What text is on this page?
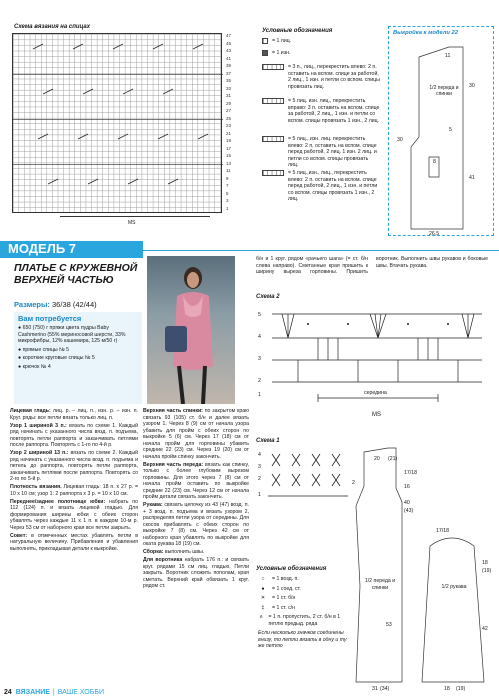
Схема вязания на спицах
47
45
43
41
39
37
35
33
31
29
27
25
23
21
19
17
15
13
11
9
7
5
3
1
MS
Условные обозначения
= 1 лиц.
= 1 изн.
= 3 п., лиц., перекрестить влево: 2 п. оставить на вспом. спице за работой, 2 лиц., 1 изн. и петли со вспом. спицы провязать лиц.
= 5 лиц. изн. лиц., перекрестить вправо: 3 п. оставить на вспом. спице за работой, 2 лиц., 1 изн. и петли со вспом. спицы провязать 1 изн., 2 лиц.
= 5 лиц., изн. лиц. перекрестить влево: 2 п. оставить на вспом. спице перед работой, 2 лиц. 1 изн. 2 лиц. и петли со вспом. спицы провязать лиц.
= 5 лиц.,изн., лиц., перекрестить влево: 2 п. оставить на вспом. спице перед работой, 2 лиц., 1 изн. и петли со вспом. спицы провязать 1 изн., 2 лиц.
Выкройка к модели 22
1/2 переда и спинки
30
8
5
41
30
26,5
11
МОДЕЛЬ 7
ПЛАТЬЕ С КРУЖЕВНОЙ ВЕРХНЕЙ ЧАСТЬЮ
Размеры: 36/38 (42/44)
Вам потребуется
● 650 (750) г пряжи цвета пудры Baby Cashmerino (55% мериносовой шерсти, 33% микрофибры, 12% кашемира, 125 м/50 г)
● прямые спицы № 5
● короткие круговые спицы № 5
● крючок № 4

Лицевая гладь: лиц. р. – лиц. п., изн. р. – изн. п. Круг. ряды: все петли вязать только лиц. п.

Узор 1 шириной 3 п.: вязать по схеме 1. Каждый ряд начинать с указанного числа вязд. п. подъема, повторять петли раппорта и заканчивать петлями после раппорта. Повторять с 1-го по 4-й р.

Узор 2 шириной 13 п.: вязать по схеме 2. Каждый ряд начинать с указанного числа возд. п. подъема и петель до раппорта, повторять петли раппорта, заканчивать петлями после раппорта. Повторять со 2-го по 5-й р.

Плотность вязания. Лицевая гладь: 18 п. x 27 р. = 10 x 10 см; узор 1: 2 раппорта x 3 р. = 10 x 10 см.

Переднее/заднее полотнище юбки: набрать по 112 (124) п. и вязать лицевой гладью. Для формирования ширины юбки с обеих сторон убавлять через каждые 11 x 1 п. в каждом 10-м р. Через 53 см от наборного края все петли закрыть.

Совет: в отмеченных местах убавлять петли в натуральную величину. Прибавления и убавления выполнять, прикладывая детали к выкройке.

Верхняя часть спинки: по закрытом краю связать 93 (105) ст. б/н и далее вязать узором 1. Через 8 (9) см от начала узора убавить для пройм с обеих сторон по выкройке 5 (6) см. Через 17 (18) см от начала пройм для горловины убавить средние 22 (23) см. Через 19 (20) см от начала пройм спинку закончить.

Верхняя часть переда: вязать как спинку, только с более глубоким вырезом горловины. Для этого через 7 (8) см от начала пройм оставить по выкройке средние 22 (23) см. Через 12 см от начала пройм детали связать закончить.

Рукава: связать цепочку из 43 (47) возд. п. + 3 возд. п. подъема и вязать узором 2, распределяя петли узора от середины. Для скосов прибавлять с обеих сторон по выкройке 7 (8) см. Через 42 см от наборного края убавлять по выкройке для оката рукава 18 (19) см.

Сборка: выполнить швы.

Для воротника набрать 176 п.: и связать круг. рядами 15 см лиц. гладью. Петли закрыть. Воротник сложить пополам, края сметать. Верхний край обвязать 1 круг. рядом ст.

б/н и 1 круг. рядом «рачьего шага» (= ст. б/н слева направо). Сметанные края пришить к ширину выреза горловины. Пришить воротник. Выполнить швы рукавов и боковые швы. Втачать рукава.

Схема 2
5
4
3
2
1	середина
MS
Схема 1
4
3
2
1
Условные обозначения
○	= 1 возд. п.
●	= 1 соед. ст.
✕	= 1 ст. б/н
‡	= 1 ст. с/н
∧ = 1 п. пропустить, 2 ст. б/н в 1 петлю предыд. ряда
Если несколько значков соединены внизу, то петли вязать в одну и ту же петлю
1/2 переда и спинки
53
31 (34)
40
(43)
17/18
16
20 (21)
2
1/2 рукава
17/18
18
(19)
42
18 (19)
24 ВЯЗАНИЕ | ВАШЕ ХОББИ
